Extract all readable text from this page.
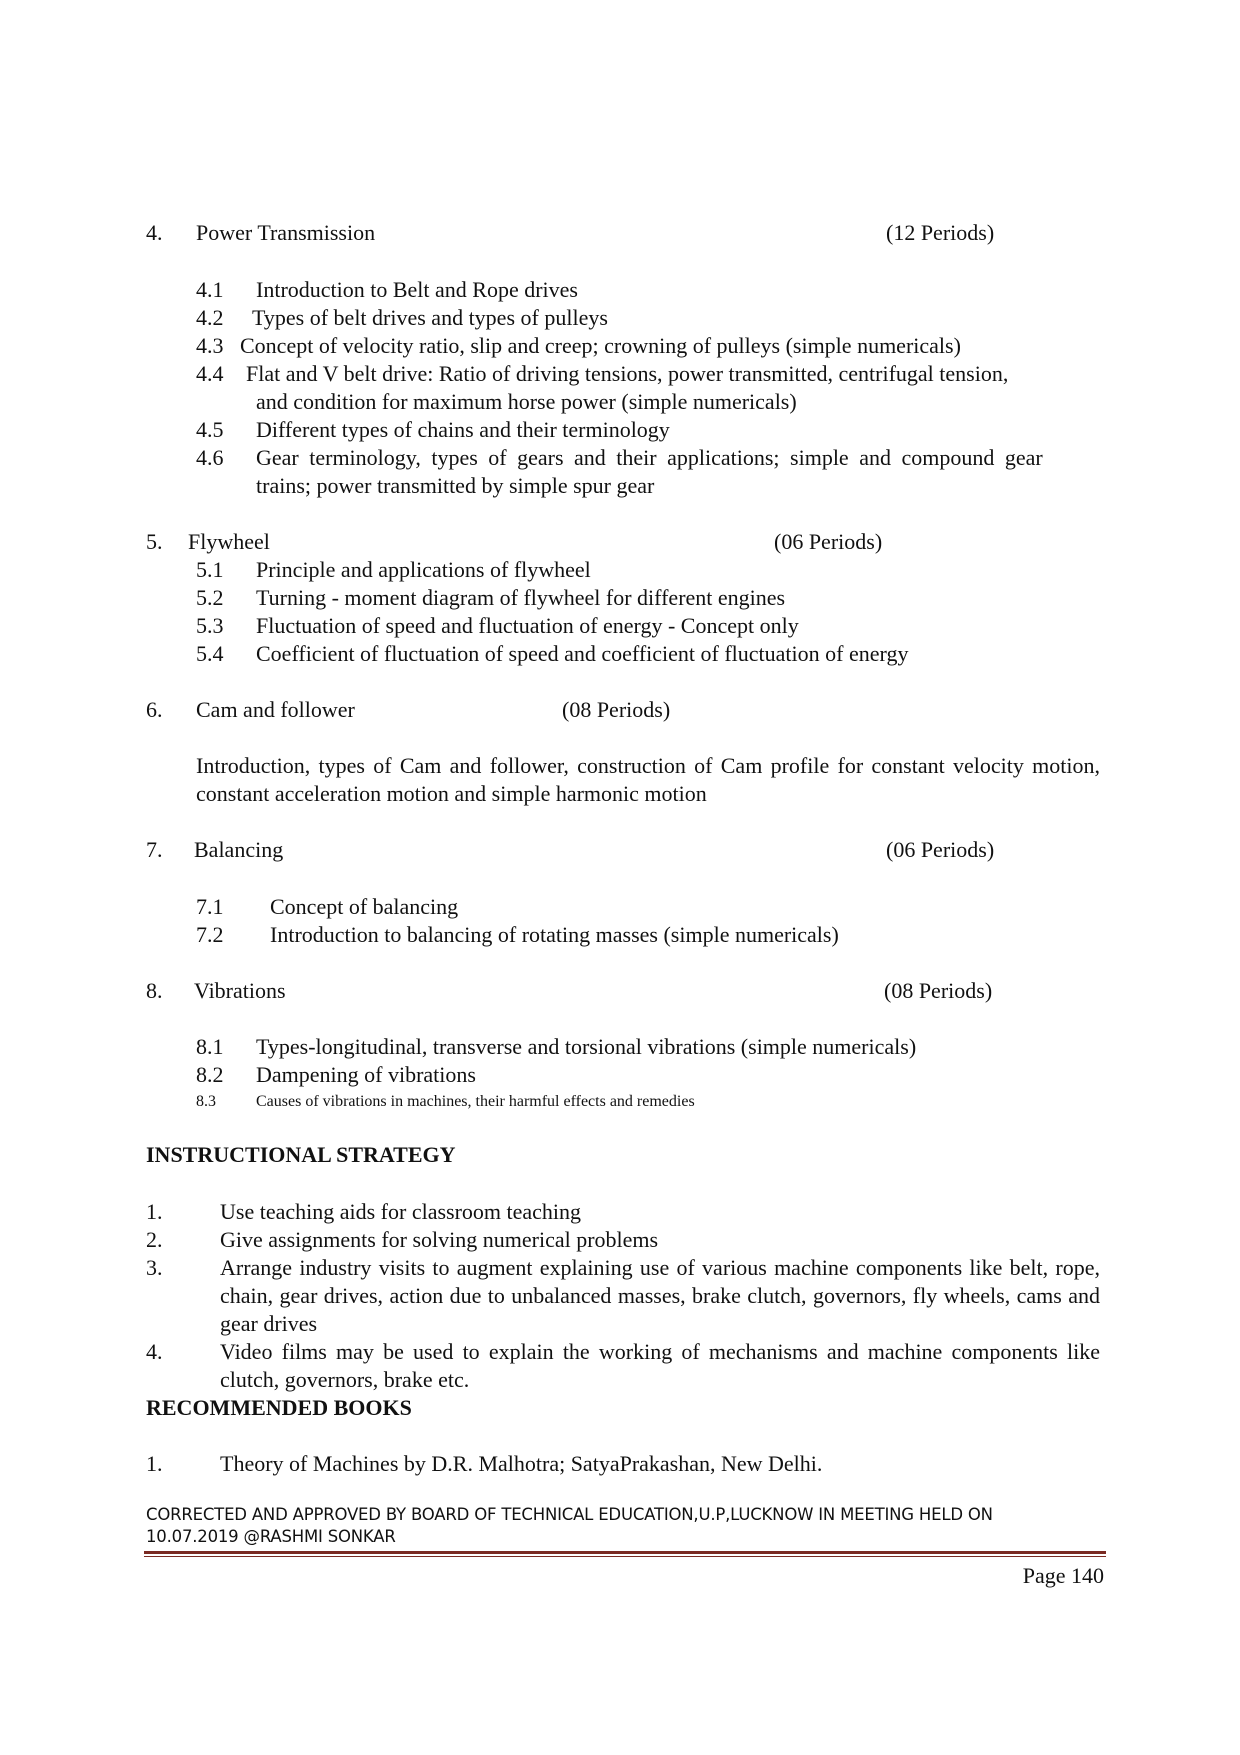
4. Power Transmission	(12 Periods)
4.1 Introduction to Belt and Rope drives
4.2 Types of belt drives and types of pulleys
4.3 Concept of velocity ratio, slip and creep; crowning of pulleys (simple numericals)
4.4 Flat and V belt drive: Ratio of driving tensions, power transmitted, centrifugal tension,
and condition for maximum horse power (simple numericals)
4.5 Different types of chains and their terminology
4.6 Gear terminology, types of gears and their applications; simple and compound gear
trains; power transmitted by simple spur gear
5. Flywheel	(06 Periods)
5.1 Principle and applications of flywheel
5.2 Turning - moment diagram of flywheel for different engines
5.3 Fluctuation of speed and fluctuation of energy - Concept only
5.4 Coefficient of fluctuation of speed and coefficient of fluctuation of energy
6. Cam and follower	(08 Periods)
Introduction, types of Cam and follower, construction of Cam profile for constant velocity motion, constant acceleration motion and simple harmonic motion
7. Balancing	(06 Periods)
7.1 Concept of balancing
7.2 Introduction to balancing of rotating masses (simple numericals)
8. Vibrations	(08 Periods)
8.1 Types-longitudinal, transverse and torsional vibrations (simple numericals)
8.2 Dampening of vibrations
8.3	Causes of vibrations in machines, their harmful effects and remedies
INSTRUCTIONAL STRATEGY
1.	Use teaching aids for classroom teaching
2.	Give assignments for solving numerical problems
3.	Arrange industry visits to augment explaining use of various machine components like belt, rope, chain, gear drives, action due to unbalanced masses, brake clutch, governors, fly wheels, cams and gear drives
4.	Video films may be used to explain the working of mechanisms and machine components like clutch, governors, brake etc.
RECOMMENDED BOOKS
1.	Theory of Machines by D.R. Malhotra; SatyaPrakashan, New Delhi.
CORRECTED AND APPROVED BY BOARD OF TECHNICAL EDUCATION,U.P,LUCKNOW IN MEETING HELD ON
10.07.2019 @RASHMI SONKAR
Page 140
